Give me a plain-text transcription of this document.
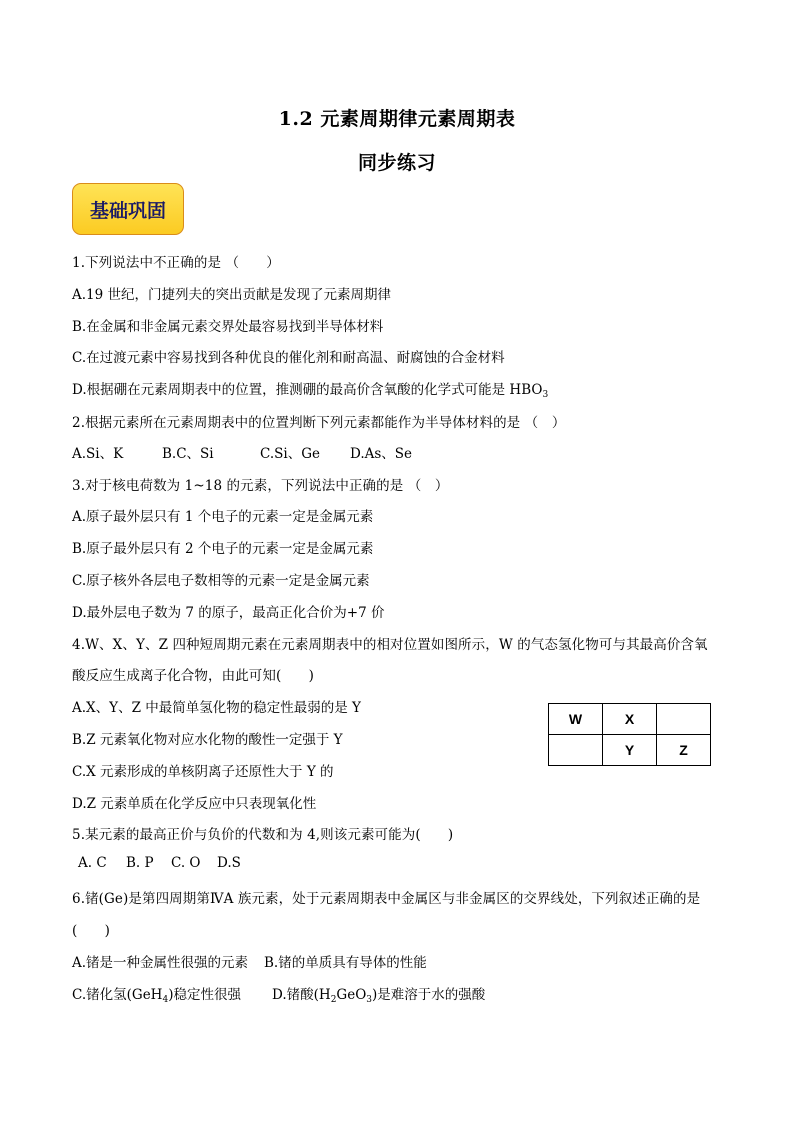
1.2 元素周期律元素周期表
同步练习
基础巩固
1.下列说法中不正确的是 （　　）
A.19 世纪，门捷列夫的突出贡献是发现了元素周期律
B.在金属和非金属元素交界处最容易找到半导体材料
C.在过渡元素中容易找到各种优良的催化剂和耐高温、耐腐蚀的合金材料
D.根据硼在元素周期表中的位置，推测硼的最高价含氧酸的化学式可能是 $HBO_3$
2.根据元素所在元素周期表中的位置判断下列元素都能作为半导体材料的是 （　）
A.Si、K	B.C、Si	C.Si、Ge D.As、Se
3.对于核电荷数为 1~18 的元素，下列说法中正确的是 （　）
A.原子最外层只有 1 个电子的元素一定是金属元素
B.原子最外层只有 2 个电子的元素一定是金属元素
C.原子核外各层电子数相等的元素一定是金属元素
D.最外层电子数为 7 的原子，最高正化合价为+7 价
4.W、X、Y、Z 四种短周期元素在元素周期表中的相对位置如图所示，W 的气态氢化物可与其最高价含氧
酸反应生成离子化合物，由此可知(　　)
A.X、Y、Z 中最简单氢化物的稳定性最弱的是 Y
B.Z 元素氧化物对应水化物的酸性一定强于 Y
C.X 元素形成的单核阴离子还原性大于 Y 的
D.Z 元素单质在化学反应中只表现氧化性
W	X	
	Y	Z
5.某元素的最高正价与负价的代数和为 4,则该元素可能为(　　)
A. C B. P C. O D.S
6.锗(Ge)是第四周期第ⅣA 族元素，处于元素周期表中金属区与非金属区的交界线处，下列叙述正确的是
(　　)
A.锗是一种金属性很强的元素 B.锗的单质具有导体的性能
C.锗化氢(GeH4)稳定性很强 D.锗酸(H2GeO3)是难溶于水的强酸
